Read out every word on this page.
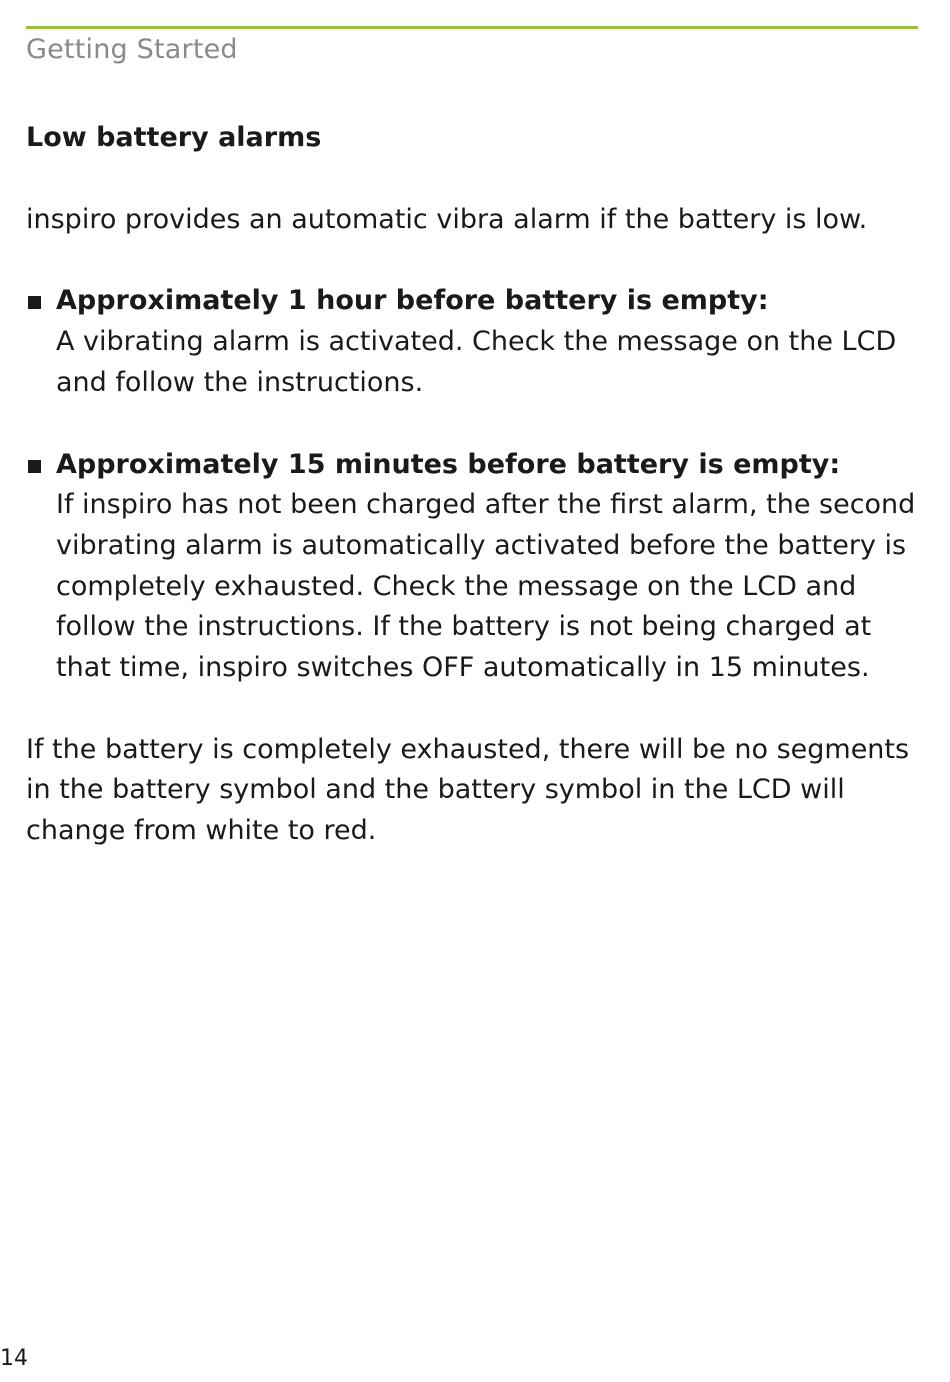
Getting Started
Low battery alarms

inspiro provides an automatic vibra alarm if the battery is low.

Approximately 1 hour before battery is empty:
A vibrating alarm is activated. Check the message on the LCD and follow the instructions.
Approximately 15 minutes before battery is empty:
If inspiro has not been charged after the first alarm, the second vibrating alarm is automatically activated before the battery is completely exhausted. Check the message on the LCD and follow the instructions. If the battery is not being charged at that time, inspiro switches OFF automatically in 15 minutes.

If the battery is completely exhausted, there will be no segments in the battery symbol and the battery symbol in the LCD will change from white to red.

14
